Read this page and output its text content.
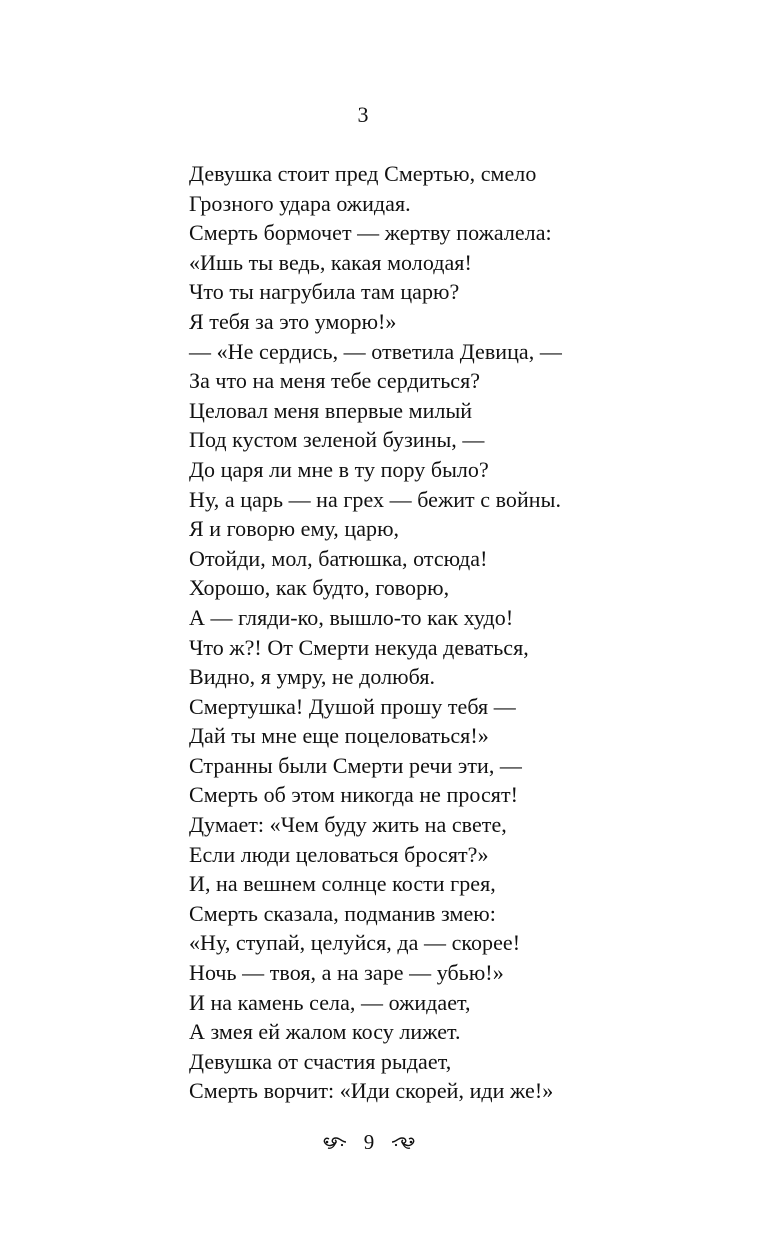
3
Девушка стоит пред Смертью, смело
Грозного удара ожидая.
Смерть бормочет — жертву пожалела:
«Ишь ты ведь, какая молодая!
Что ты нагрубила там царю?
Я тебя за это уморю!»
— «Не сердись, — ответила Девица, —
За что на меня тебе сердиться?
Целовал меня впервые милый
Под кустом зеленой бузины, —
До царя ли мне в ту пору было?
Ну, а царь — на грех — бежит с войны.
Я и говорю ему, царю,
Отойди, мол, батюшка, отсюда!
Хорошо, как будто, говорю,
А — гляди-ко, вышло-то как худо!
Что ж?! От Смерти некуда деваться,
Видно, я умру, не долюбя.
Смертушка! Душой прошу тебя —
Дай ты мне еще поцеловаться!»
Странны были Смерти речи эти, —
Смерть об этом никогда не просят!
Думает: «Чем буду жить на свете,
Если люди целоваться бросят?»
И, на вешнем солнце кости грея,
Смерть сказала, подманив змею:
«Ну, ступай, целуйся, да — скорее!
Ночь — твоя, а на заре — убью!»
И на камень села, — ожидает,
А змея ей жалом косу лижет.
Девушка от счастия рыдает,
Смерть ворчит: «Иди скорей, иди же!»
9
